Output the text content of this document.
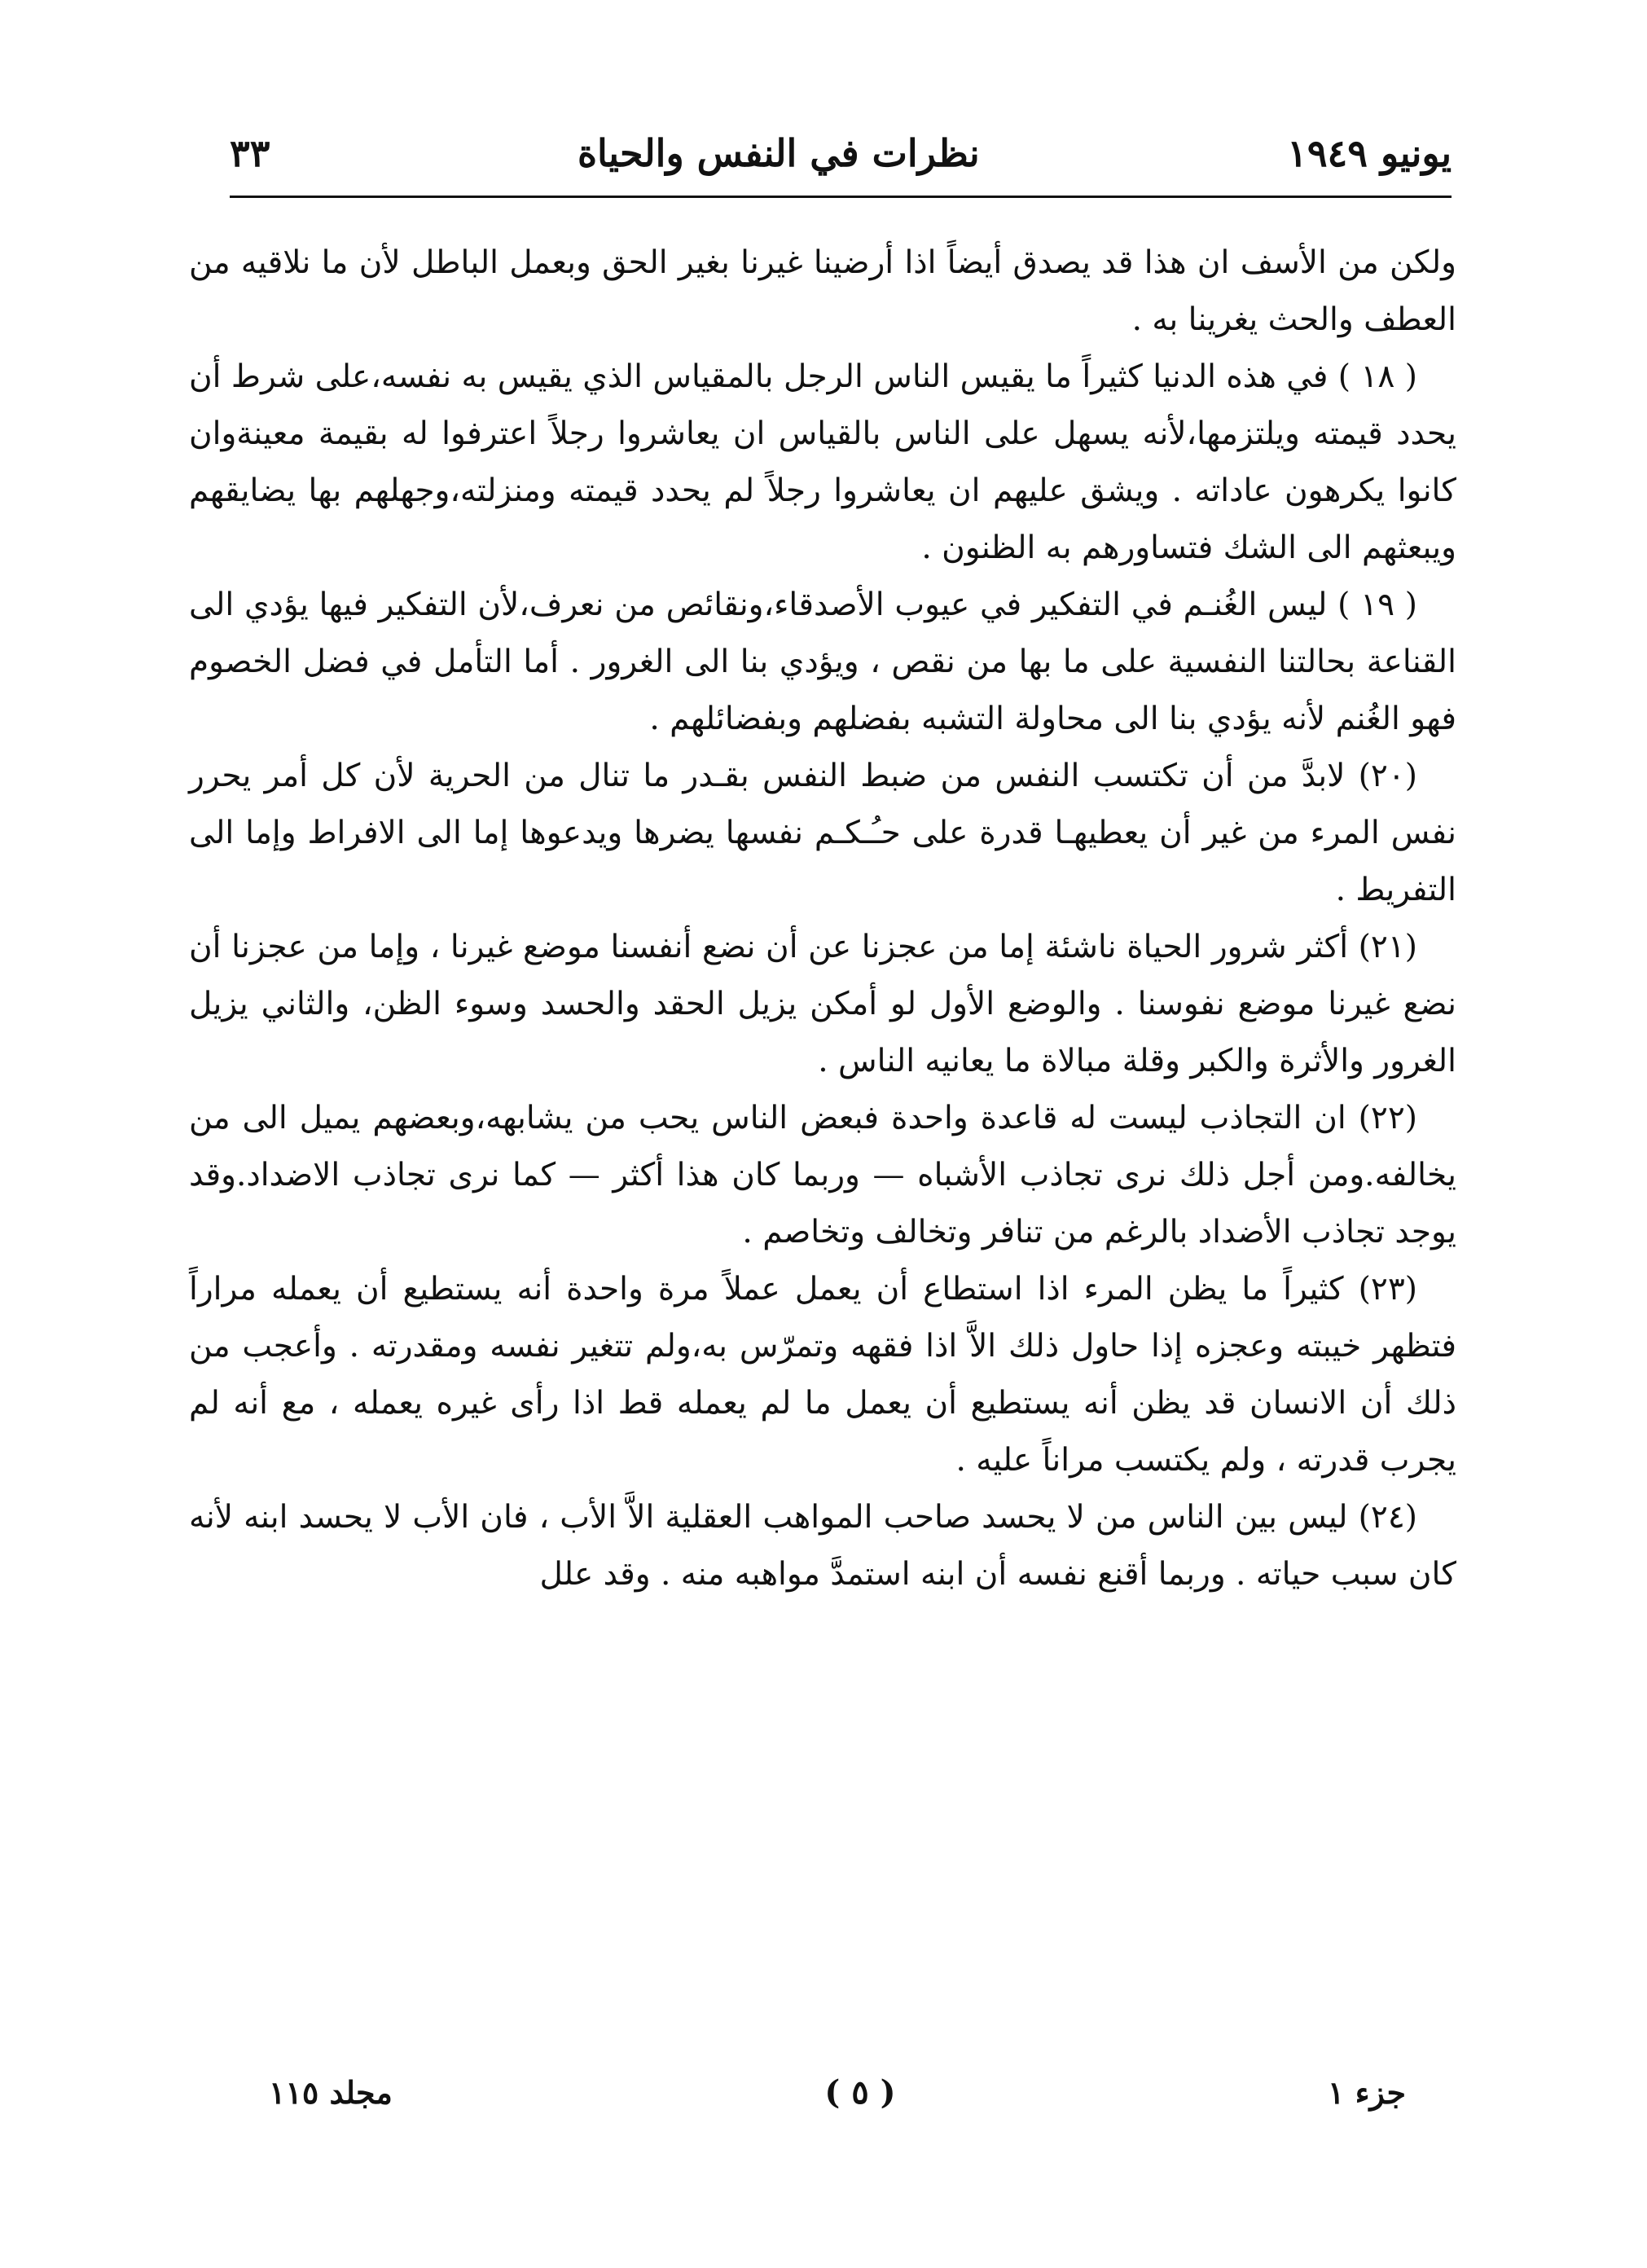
يونيو ١٩٤٩
نظرات في النفس والحياة
٣٣

ولكن من الأسف ان هذا قد يصدق أيضاً اذا أرضينا غيرنا بغير الحق وبعمل الباطل لأن ما نلاقيه من العطف والحث يغرينا به .

( ١٨ ) في هذه الدنيا كثيراً ما يقيس الناس الرجل بالمقياس الذي يقيس به نفسه،على شرط أن يحدد قيمته ويلتزمها،لأنه يسهل على الناس بالقياس ان يعاشروا رجلاً اعترفوا له بقيمة معينةوان كانوا يكرهون عاداته . ويشق عليهم ان يعاشروا رجلاً لم يحدد قيمته ومنزلته،وجهلهم بها يضايقهم ويبعثهم الى الشك فتساورهم به الظنون .

( ١٩ ) ليس الغُنـم في التفكير في عيوب الأصدقاء،ونقائص من نعرف،لأن التفكير فيها يؤدي الى القناعة بحالتنا النفسية على ما بها من نقص ، ويؤدي بنا الى الغرور . أما التأمل في فضل الخصوم فهو الغُنم لأنه يؤدي بنا الى محاولة التشبه بفضلهم وبفضائلهم .

(٢٠) لابدَّ من أن تكتسب النفس من ضبط النفس بقـدر ما تنال من الحرية لأن كل أمر يحرر نفس المرء من غير أن يعطيهـا قدرة على حـُـكـم نفسها يضرها ويدعوها إما الى الافراط وإما الى التفريط .

(٢١) أكثر شرور الحياة ناشئة إما من عجزنا عن أن نضع أنفسنا موضع غيرنا ، وإما من عجزنا أن نضع غيرنا موضع نفوسنا . والوضع الأول لو أمكن يزيل الحقد والحسد وسوء الظن، والثاني يزيل الغرور والأثرة والكبر وقلة مبالاة ما يعانيه الناس .

(٢٢) ان التجاذب ليست له قاعدة واحدة فبعض الناس يحب من يشابهه،وبعضهم يميل الى من يخالفه.ومن أجل ذلك نرى تجاذب الأشباه — وربما كان هذا أكثر — كما نرى تجاذب الاضداد.وقد يوجد تجاذب الأضداد بالرغم من تنافر وتخالف وتخاصم .

(٢٣) كثيراً ما يظن المرء اذا استطاع أن يعمل عملاً مرة واحدة أنه يستطيع أن يعمله مراراً فتظهر خيبته وعجزه إذا حاول ذلك الاَّ اذا فقهه وتمرّس به،ولم تتغير نفسه ومقدرته . وأعجب من ذلك أن الانسان قد يظن أنه يستطيع أن يعمل ما لم يعمله قط اذا رأى غيره يعمله ، مع أنه لم يجرب قدرته ، ولم يكتسب مراناً عليه .

(٢٤) ليس بين الناس من لا يحسد صاحب المواهب العقلية الاَّ الأب ، فان الأب لا يحسد ابنه لأنه كان سبب حياته . وربما أقنع نفسه أن ابنه استمدَّ مواهبه منه . وقد علل

جزء ١
( ٥ )
مجلد ١١٥
